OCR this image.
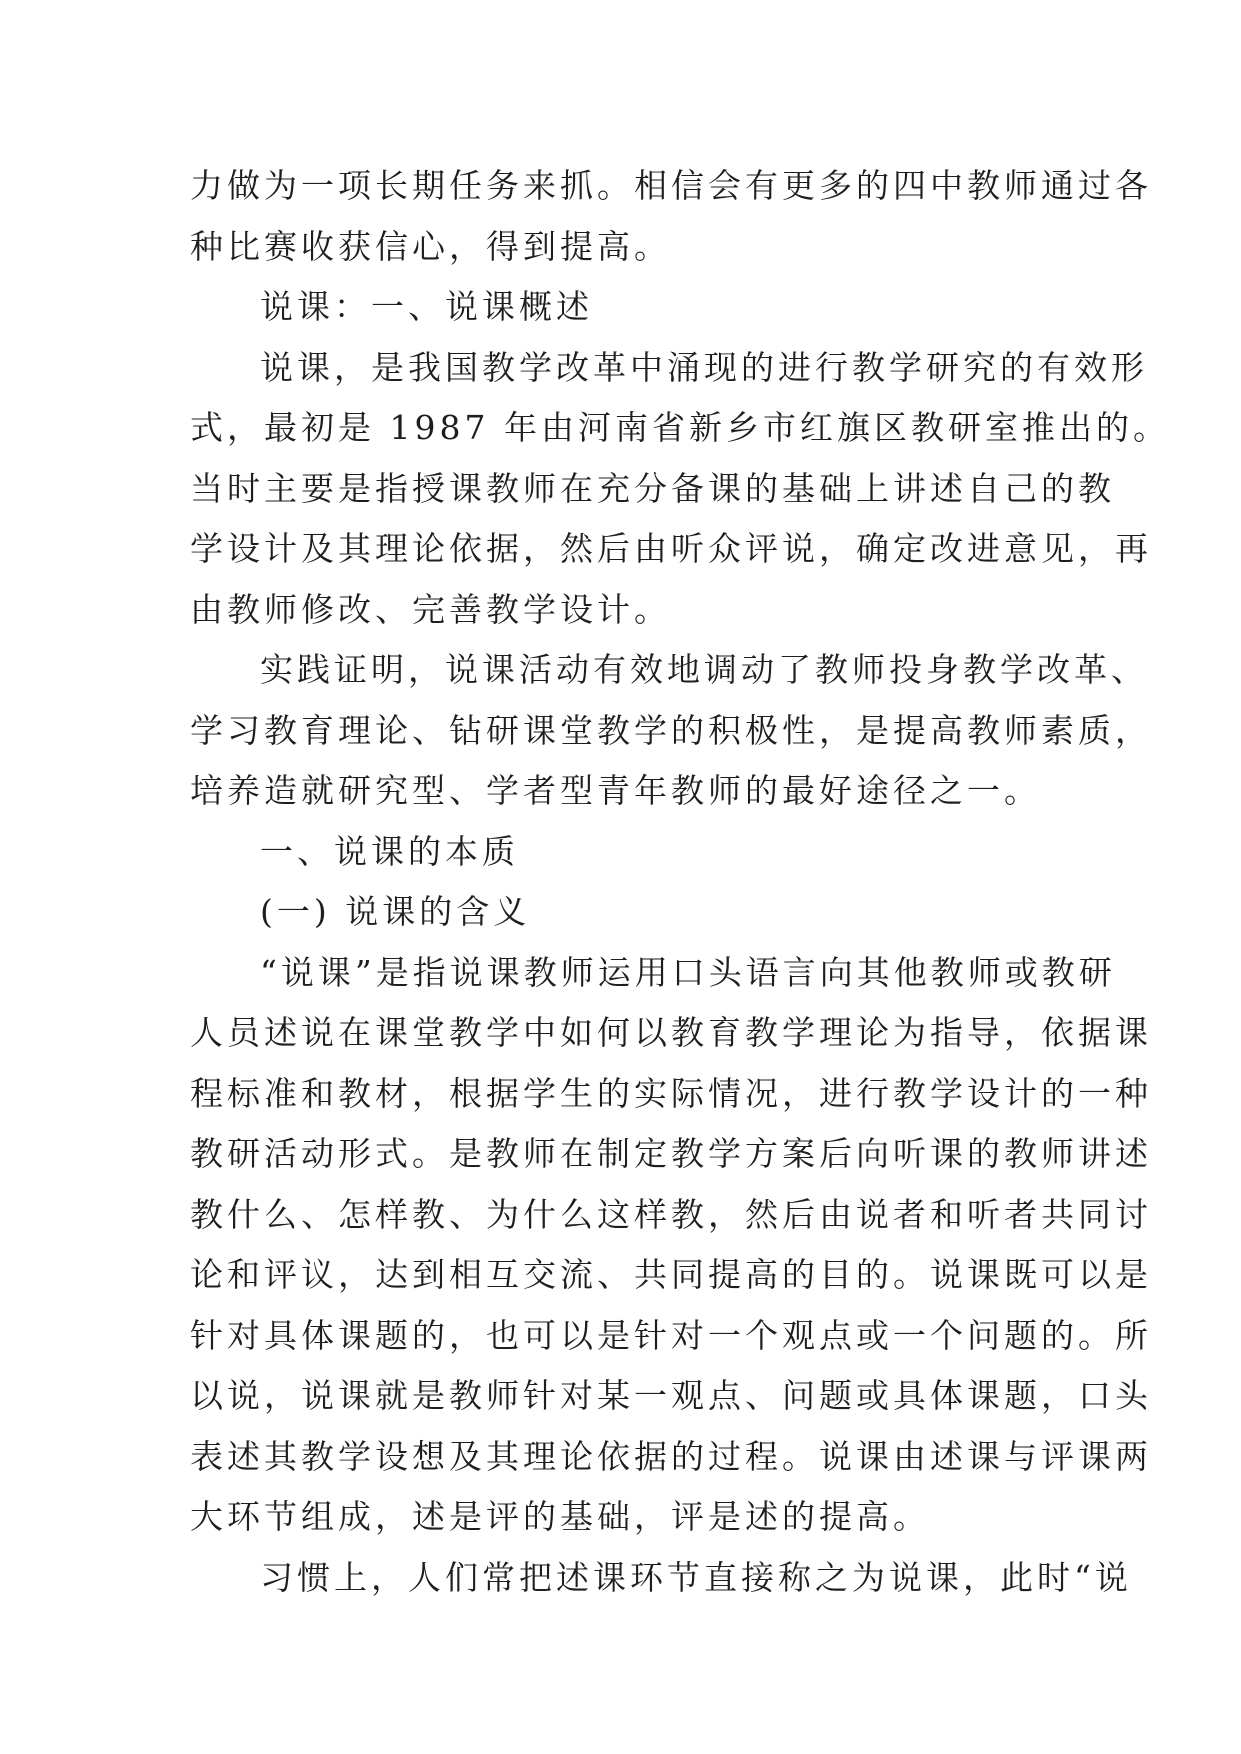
力做为一项长期任务来抓。相信会有更多的四中教师通过各
种比赛收获信心，得到提高。
说课：一、说课概述
说课，是我国教学改革中涌现的进行教学研究的有效形
式，最初是 1987 年由河南省新乡市红旗区教研室推出的。
当时主要是指授课教师在充分备课的基础上讲述自己的教
学设计及其理论依据，然后由听众评说，确定改进意见，再
由教师修改、完善教学设计。
实践证明，说课活动有效地调动了教师投身教学改革、
学习教育理论、钻研课堂教学的积极性，是提高教师素质，
培养造就研究型、学者型青年教师的最好途径之一。
一、说课的本质
(一) 说课的含义
“说课”是指说课教师运用口头语言向其他教师或教研
人员述说在课堂教学中如何以教育教学理论为指导，依据课
程标准和教材，根据学生的实际情况，进行教学设计的一种
教研活动形式。是教师在制定教学方案后向听课的教师讲述
教什么、怎样教、为什么这样教，然后由说者和听者共同讨
论和评议，达到相互交流、共同提高的目的。说课既可以是
针对具体课题的，也可以是针对一个观点或一个问题的。所
以说，说课就是教师针对某一观点、问题或具体课题，口头
表述其教学设想及其理论依据的过程。说课由述课与评课两
大环节组成，述是评的基础，评是述的提高。
习惯上，人们常把述课环节直接称之为说课，此时“说
